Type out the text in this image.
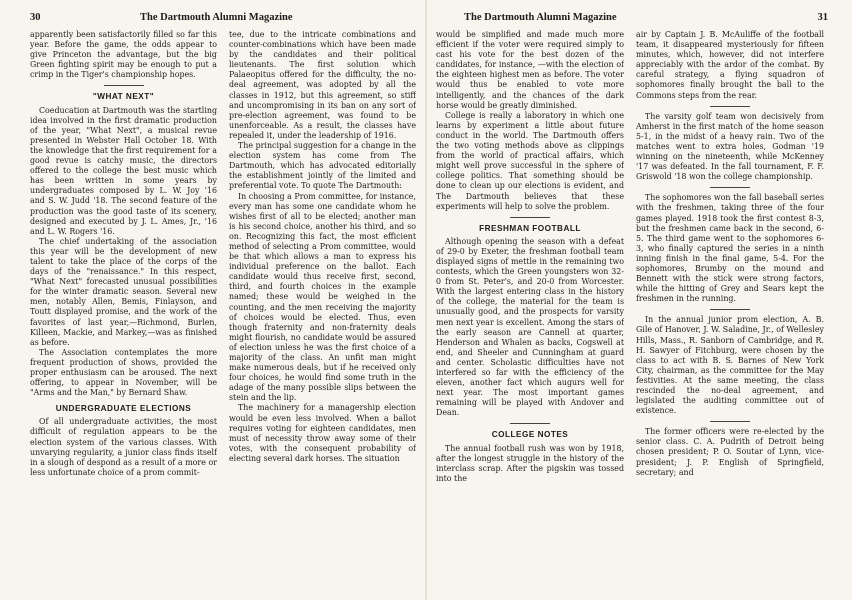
30	The Dartmouth Alumni Magazine

apparently been satisfactorily filled so far this year. Before the game, the odds appear to give Princeton the advantage, but the big Green fighting spirit may be enough to put a crimp in the Tiger's championship hopes.

"WHAT NEXT"

Coeducation at Dartmouth was the startling idea involved in the first dramatic production of the year, "What Next", a musical revue presented in Webster Hall October 18. With the knowledge that the first requirement for a good revue is catchy music, the directors offered to the college the best music which has been written in some years by undergraduates composed by L. W. Joy '16 and S. W. Judd '18. The second feature of the production was the good taste of its scenery, designed and executed by J. L. Ames, Jr., '16 and L. W. Rogers '16.

The chief undertaking of the association this year will be the development of new talent to take the place of the corps of the days of the "renaissance." In this respect, "What Next" forecasted unusual possibilities for the winter dramatic season. Several new men, notably Allen, Bemis, Finlayson, and Toutt displayed promise, and the work of the favorites of last year,—Richmond, Burlen, Killeen, Mackie, and Markey,—was as finished as before.

The Association contemplates the more frequent production of shows, provided the proper enthusiasm can be aroused. The next offering, to appear in November, will be "Arms and the Man," by Bernard Shaw.

UNDERGRADUATE ELECTIONS

Of all undergraduate activities, the most difficult of regulation appears to be the election system of the various classes. With unvarying regularity, a junior class finds itself in a slough of despond as a result of a more or less unfortunate choice of a prom commit-

tee, due to the intricate combinations and counter-combinations which have been made by the candidates and their political lieutenants. The first solution which Palaeopitus offered for the difficulty, the no-deal agreement, was adopted by all the classes in 1912, but this agreement, so stiff and uncompromising in its ban on any sort of pre-election agreement, was found to be unenforceable. As a result, the classes have repealed it, under the leadership of 1916.

The principal suggestion for a change in the election system has come from The Dartmouth, which has advocated editorially the establishment jointly of the limited and preferential vote. To quote The Dartmouth:

In choosing a Prom committee, for instance, every man has some one candidate whom he wishes first of all to be elected; another man is his second choice, another his third, and so on. Recognizing this fact, the most efficient method of selecting a Prom committee, would be that which allows a man to express his individual preference on the ballot. Each candidate would thus receive first, second, third, and fourth choices in the example named; these would be weighed in the counting, and the men receiving the majority of choices would be elected. Thus, even though fraternity and non-fraternity deals might flourish, no candidate would be assured of election unless he was the first choice of a majority of the class. An unfit man might make numerous deals, but if he received only four choices, he would find some truth in the adage of the many possible slips between the stein and the lip.

The machinery for a managership election would be even less involved. When a ballot requires voting for eighteen candidates, men must of necessity throw away some of their votes, with the consequent probability of electing several dark horses. The situation

The Dartmouth Alumni Magazine	31

would be simplified and made much more efficient if the voter were required simply to cast his vote for the best dozen of the candidates, for instance, —with the election of the eighteen highest men as before. The voter would thus be enabled to vote more intelligently, and the chances of the dark horse would be greatly diminished.

College is really a laboratory in which one learns by experiment a little about future conduct in the world. The Dartmouth offers the two voting methods above as clippings from the world of practical affairs, which might well prove successful in the sphere of college politics. That something should be done to clean up our elections is evident, and The Dartmouth believes that these experiments will help to solve the problem.

FRESHMAN FOOTBALL

Although opening the season with a defeat of 29-0 by Exeter, the freshman football team displayed signs of mettle in the remaining two contests, which the Green youngsters won 32-0 from St. Peter's, and 20-0 from Worcester. With the largest entering class in the history of the college, the material for the team is unusually good, and the prospects for varsity men next year is excellent. Among the stars of the early season are Cannell at quarter, Henderson and Whalen as backs, Cogswell at end, and Sheeler and Cunningham at guard and center. Scholastic difficulties have not interfered so far with the efficiency of the eleven, another fact which augurs well for next year. The most important games remaining will be played with Andover and Dean.

COLLEGE NOTES

The annual football rush was won by 1918, after the longest struggle in the history of the interclass scrap. After the pigskin was tossed into the

air by Captain J. B. McAuliffe of the football team, it disappeared mysteriously for fifteen minutes, which, however, did not interfere appreciably with the ardor of the combat. By careful strategy, a flying squadron of sophomores finally brought the ball to the Commons steps from the rear.

The varsity golf team won decisively from Amherst in the first match of the home season 5-1, in the midst of a heavy rain. Two of the matches went to extra holes, Godman '19 winning on the nineteenth, while McKenney '17 was defeated. In the fall tournament, F. F. Griswold '18 won the college championship.

The sophomores won the fall baseball series with the freshmen, taking three of the four games played. 1918 took the first contest 8-3, but the freshmen came back in the second, 6-5. The third game went to the sophomores 6-3, who finally captured the series in a ninth inning finish in the final game, 5-4. For the sophomores, Brumby on the mound and Bennett with the stick were strong factors, while the hitting of Grey and Sears kept the freshmen in the running.

In the annual junior prom election, A. B. Gile of Hanover, J. W. Saladine, Jr., of Wellesley Hills, Mass., R. Sanborn of Cambridge, and R. H. Sawyer of Fitchburg, were chosen by the class to act with B. S. Barnes of New York City, chairman, as the committee for the May festivities. At the same meeting, the class rescinded the no-deal agreement, and legislated the auditing committee out of existence.

The former officers were re-elected by the senior class. C. A. Pudrith of Detroit being chosen president; P. O. Soutar of Lynn, vice-president; J. P. English of Springfield, secretary; and
